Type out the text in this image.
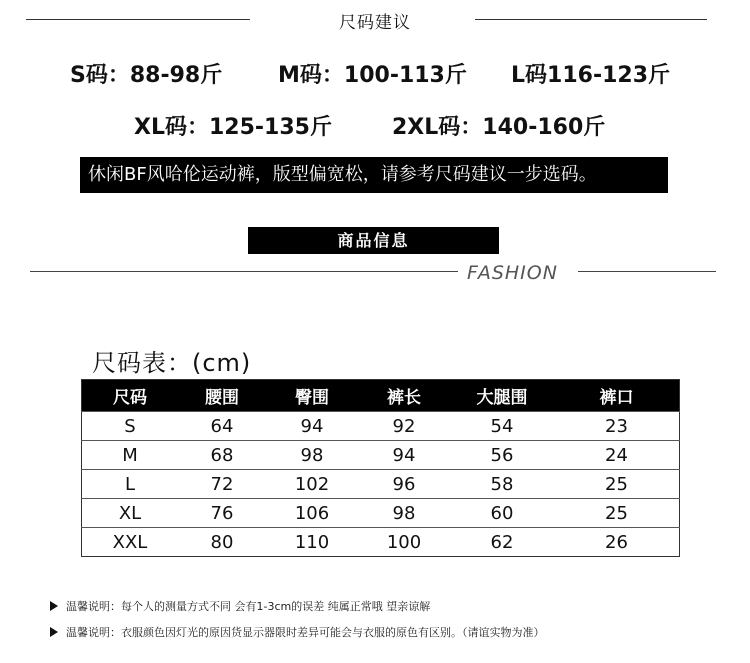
尺码建议
S码：88-98斤	M码：100-113斤 L码116-123斤
XL码：125-135斤	2XL码：140-160斤
休闲BF风哈伦运动裤，版型偏宽松，请参考尺码建议一步选码。
商品信息
FASHION
尺码表：(cm)
尺码	腰围	臀围	裤长	大腿围	裤口
S	64	94	92	54	23
M	68	98	94	56	24
L	72	102	96	58	25
XL	76	106	98	60	25
XXL	80	110	100	62	26
温馨说明：每个人的测量方式不同 会有1-3cm的误差 纯属正常哦 望亲谅解
温馨说明：衣服颜色因灯光的原因货显示器限时差异可能会与衣服的原色有区别。（请谊实物为准）
